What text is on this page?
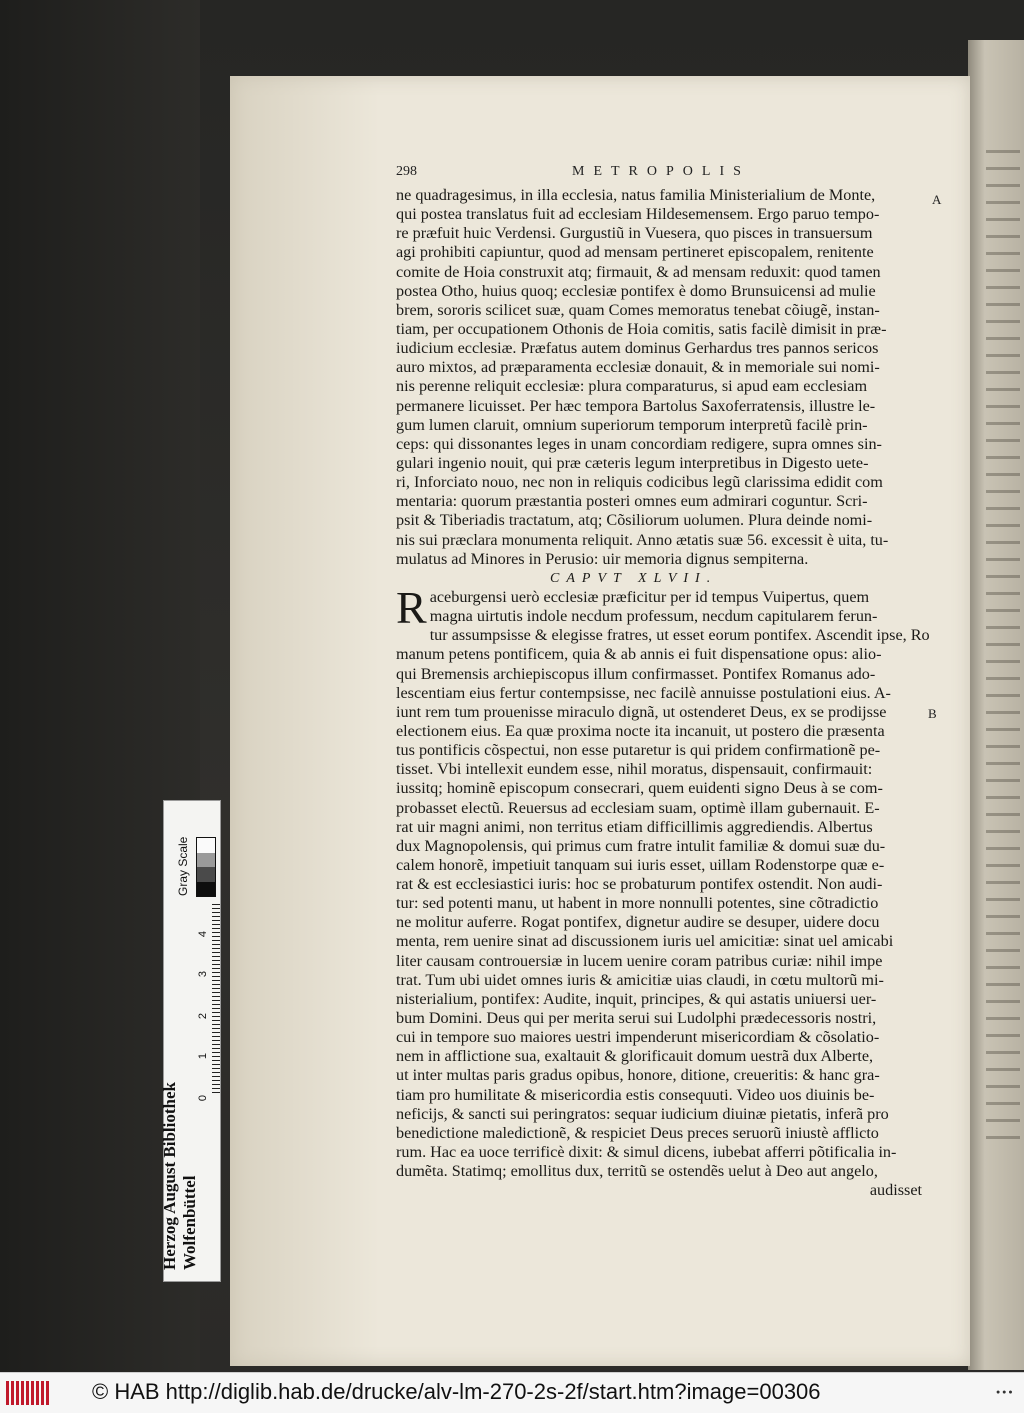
298	METROPOLIS
A
B
ne quadragesimus, in illa ecclesia, natus familia Ministerialium de Monte,
qui postea translatus fuit ad ecclesiam Hildesemensem. Ergo paruo tempo-
re præfuit huic Verdensi. Gurgustiũ in Vuesera, quo pisces in transuersum
agi prohibiti capiuntur, quod ad mensam pertineret episcopalem, renitente
comite de Hoia construxit atq; firmauit, & ad mensam reduxit: quod tamen
postea Otho, huius quoq; ecclesiæ pontifex è domo Brunsuicensi ad mulie
brem, sororis scilicet suæ, quam Comes memoratus tenebat cõiugẽ, instan-
tiam, per occupationem Othonis de Hoia comitis, satis facilè dimisit in præ-
iudicium ecclesiæ. Præfatus autem dominus Gerhardus tres pannos sericos
auro mixtos, ad præparamenta ecclesiæ donauit, & in memoriale sui nomi-
nis perenne reliquit ecclesiæ: plura comparaturus, si apud eam ecclesiam
permanere licuisset. Per hæc tempora Bartolus Saxoferratensis, illustre le-
gum lumen claruit, omnium superiorum temporum interpretũ facilè prin-
ceps: qui dissonantes leges in unam concordiam redigere, supra omnes sin-
gulari ingenio nouit, qui præ cæteris legum interpretibus in Digesto uete-
ri, Inforciato nouo, nec non in reliquis codicibus legũ clarissima edidit com
mentaria: quorum præstantia posteri omnes eum admirari coguntur. Scri-
psit & Tiberiadis tractatum, atq; Cõsiliorum uolumen. Plura deinde nomi-
nis sui præclara monumenta reliquit. Anno ætatis suæ 56. excessit è uita, tu-
mulatus ad Minores in Perusio: uir memoria dignus sempiterna.
CAPVT XLVII.
R aceburgensi uerò ecclesiæ præficitur per id tempus Vuipertus, quem
magna uirtutis indole necdum professum, necdum capitularem ferun-
tur assumpsisse & elegisse fratres, ut esset eorum pontifex. Ascendit ipse, Ro
manum petens pontificem, quia & ab annis ei fuit dispensatione opus: alio-
qui Bremensis archiepiscopus illum confirmasset. Pontifex Romanus ado-
lescentiam eius fertur contempsisse, nec facilè annuisse postulationi eius. A-
iunt rem tum prouenisse miraculo dignã, ut ostenderet Deus, ex se prodijsse
electionem eius. Ea quæ proxima nocte ita incanuit, ut postero die præsenta
tus pontificis cõspectui, non esse putaretur is qui pridem confirmationẽ pe-
tisset. Vbi intellexit eundem esse, nihil moratus, dispensauit, confirmauit:
iussitq; hominẽ episcopum consecrari, quem euidenti signo Deus à se com-
probasset electũ. Reuersus ad ecclesiam suam, optimè illam gubernauit. E-
rat uir magni animi, non territus etiam difficillimis aggrediendis. Albertus
dux Magnopolensis, qui primus cum fratre intulit familiæ & domui suæ du-
calem honorẽ, impetiuit tanquam sui iuris esset, uillam Rodenstorpe quæ e-
rat & est ecclesiastici iuris: hoc se probaturum pontifex ostendit. Non audi-
tur: sed potenti manu, ut habent in more nonnulli potentes, sine cõtradictio
ne molitur auferre. Rogat pontifex, dignetur audire se desuper, uidere docu
menta, rem uenire sinat ad discussionem iuris uel amicitiæ: sinat uel amicabi
liter causam controuersiæ in lucem uenire coram patribus curiæ: nihil impe
trat. Tum ubi uidet omnes iuris & amicitiæ uias claudi, in cœtu multorũ mi-
nisterialium, pontifex: Audite, inquit, principes, & qui astatis uniuersi uer-
bum Domini. Deus qui per merita serui sui Ludolphi prædecessoris nostri,
cui in tempore suo maiores uestri impenderunt misericordiam & cõsolatio-
nem in afflictione sua, exaltauit & glorificauit domum uestrã dux Alberte,
ut inter multas paris gradus opibus, honore, ditione, creueritis: & hanc gra-
tiam pro humilitate & misericordia estis consequuti. Video uos diuinis be-
neficijs, & sancti sui peringratos: sequar iudicium diuinæ pietatis, inferã pro
benedictione maledictionẽ, & respiciet Deus preces seruorũ iniustè afflicto
rum. Hac ea uoce terrificè dixit: & simul dicens, iubebat afferri põtificalia in-
dumẽta. Statimq; emollitus dux, territũ se ostendẽs uelut à Deo aut angelo,
audisset
Herzog August Bibliothek Wolfenbüttel
Gray Scale
0
1
2
3
4
© HAB http://diglib.hab.de/drucke/alv-lm-270-2s-2f/start.htm?image=00306	● ● ●
